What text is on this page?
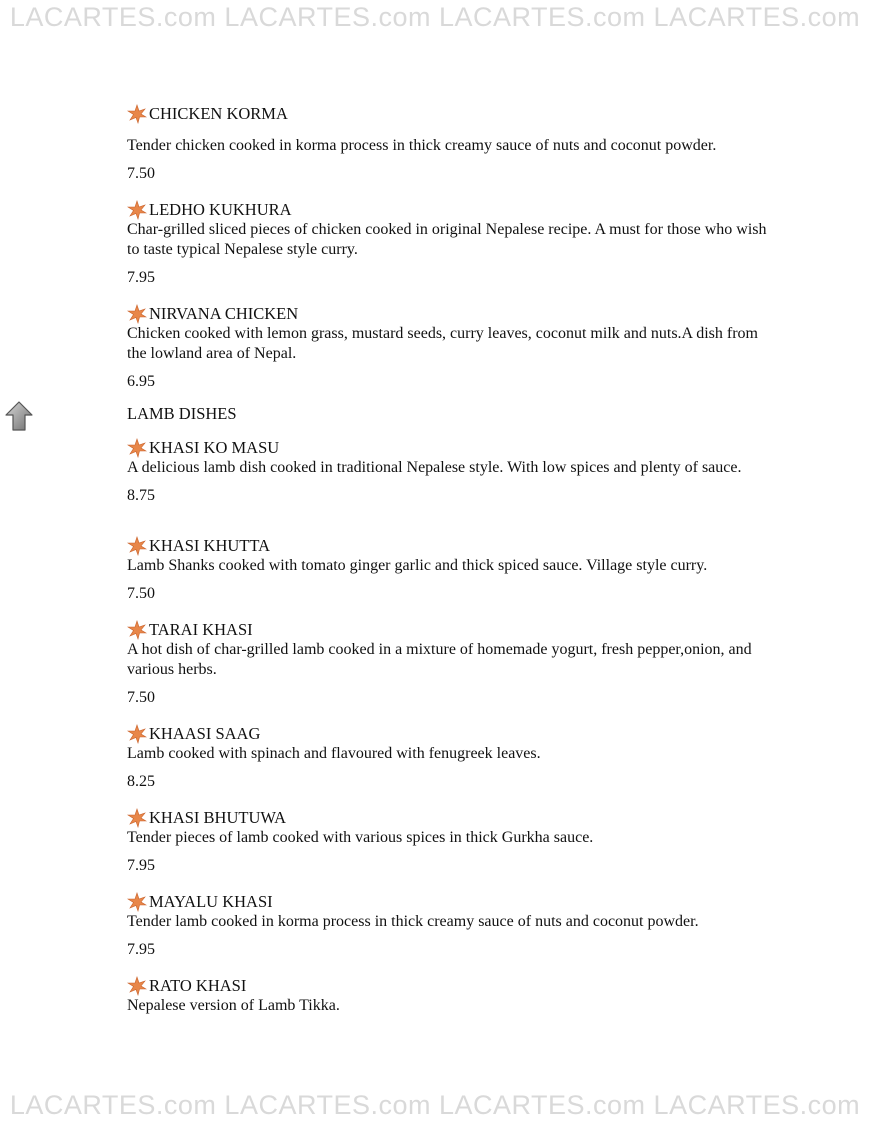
LACARTES.com LACARTES.com LACARTES.com LACARTES.com
CHICKEN KORMA
Tender chicken cooked in korma process in thick creamy sauce of nuts and coconut powder.
7.50
LEDHO KUKHURA
Char-grilled sliced pieces of chicken cooked in original Nepalese recipe. A must for those who wish to taste typical Nepalese style curry.
7.95
NIRVANA CHICKEN
Chicken cooked with lemon grass, mustard seeds, curry leaves, coconut milk and nuts.A dish from the lowland area of Nepal.
6.95
LAMB DISHES
KHASI KO MASU
A delicious lamb dish cooked in traditional Nepalese style. With low spices and plenty of sauce.
8.75
KHASI KHUTTA
Lamb Shanks cooked with tomato ginger garlic and thick spiced sauce. Village style curry.
7.50
TARAI KHASI
A hot dish of char-grilled lamb cooked in a mixture of homemade yogurt, fresh pepper,onion, and various herbs.
7.50
KHAASI SAAG
Lamb cooked with spinach and flavoured with fenugreek leaves.
8.25
KHASI BHUTUWA
Tender pieces of lamb cooked with various spices in thick Gurkha sauce.
7.95
MAYALU KHASI
Tender lamb cooked in korma process in thick creamy sauce of nuts and coconut powder.
7.95
RATO KHASI
Nepalese version of Lamb Tikka.
LACARTES.com LACARTES.com LACARTES.com LACARTES.com
